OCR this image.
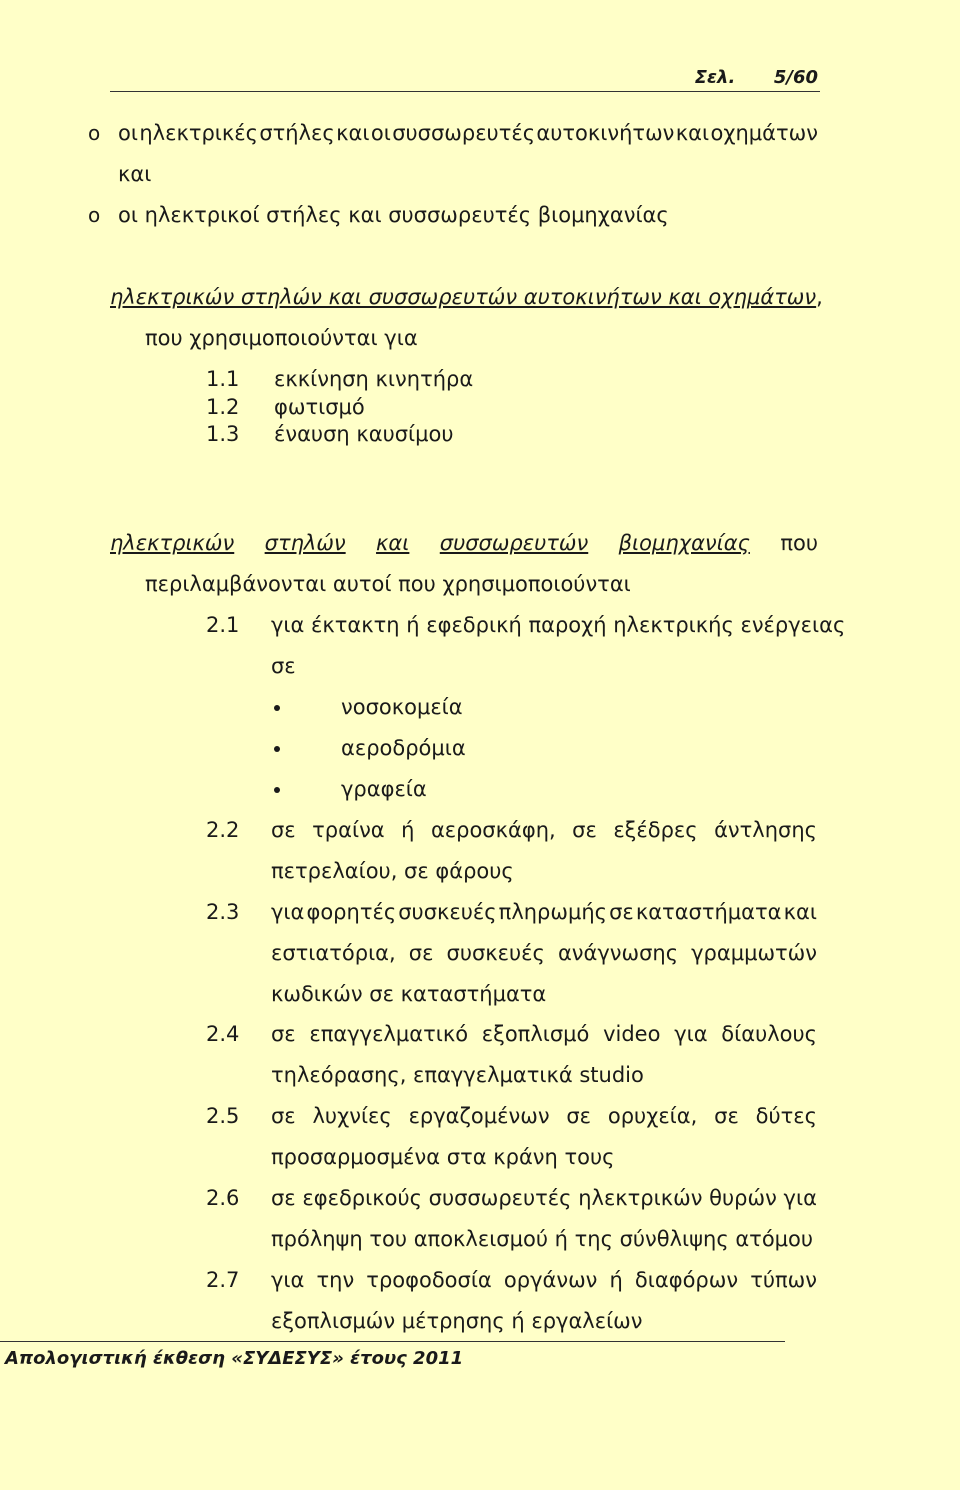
Σελ. 5/60
o οι ηλεκτρικές στήλες και οι συσσωρευτές αυτοκινήτων και οχημάτων
και
o οι ηλεκτρικοί στήλες και συσσωρευτές βιομηχανίας
ηλεκτρικών στηλών και συσσωρευτών αυτοκινήτων και οχημάτων,
που χρησιμοποιούνται για
1.1 εκκίνηση κινητήρα
1.2 φωτισμό
1.3 έναυση καυσίμου
ηλεκτρικών στηλών και συσσωρευτών βιομηχανίας που
περιλαμβάνονται αυτοί που χρησιμοποιούνται
2.1 για έκτακτη ή εφεδρική παροχή ηλεκτρικής ενέργειας
σε
νοσοκομεία
αεροδρόμια
γραφεία
2.2 σε τραίνα ή αεροσκάφη, σε εξέδρες άντλησης
πετρελαίου, σε φάρους
2.3 για φορητές συσκευές πληρωμής σε καταστήματα και
εστιατόρια, σε συσκευές ανάγνωσης γραμμωτών
κωδικών σε καταστήματα
2.4 σε επαγγελματικό εξοπλισμό video για δίαυλους
τηλεόρασης, επαγγελματικά studio
2.5 σε λυχνίες εργαζομένων σε ορυχεία, σε δύτες
προσαρμοσμένα στα κράνη τους
2.6 σε εφεδρικούς συσσωρευτές ηλεκτρικών θυρών για
πρόληψη του αποκλεισμού ή της σύνθλιψης ατόμου
2.7 για την τροφοδοσία οργάνων ή διαφόρων τύπων
εξοπλισμών μέτρησης ή εργαλείων
Απολογιστική έκθεση «ΣΥΔΕΣΥΣ» έτους 2011
